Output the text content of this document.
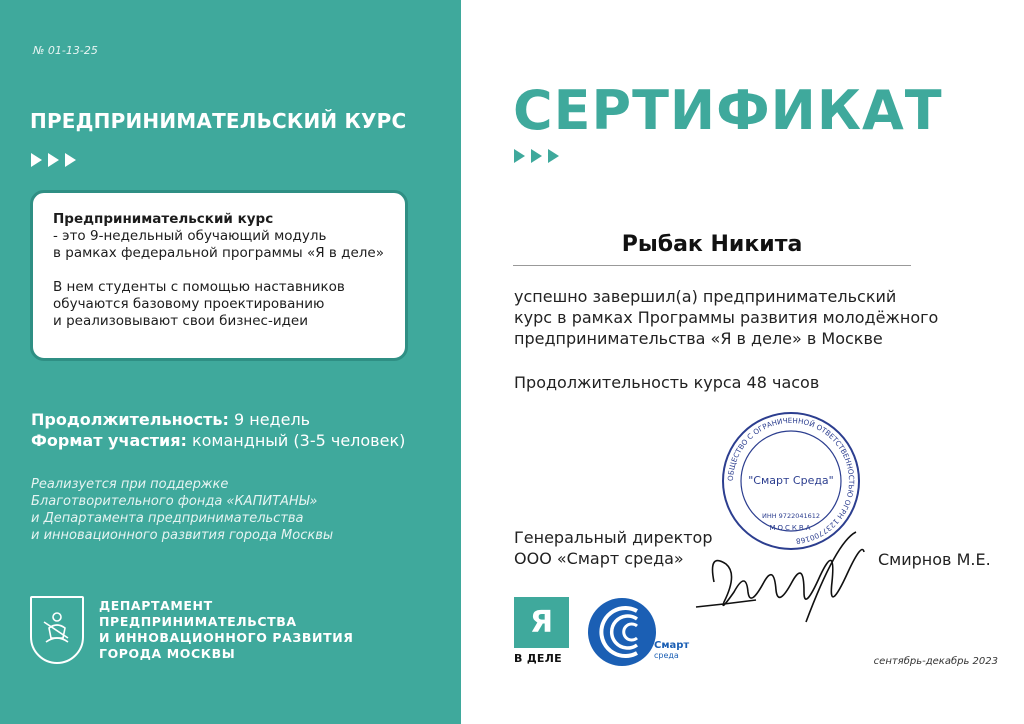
№ 01-13-25
ПРЕДПРИНИМАТЕЛЬСКИЙ КУРС

Предпринимательский курс
- это 9-недельный обучающий модуль
в рамках федеральной программы «Я в деле»

В нем студенты с помощью наставников
обучаются базовому проектированию
и реализовывают свои бизнес-идеи

Продолжительность: 9 недель
Формат участия: командный (3-5 человек)
Реализуется при поддержке
Благотворительного фонда «КАПИТАНЫ»
и Департамента предпринимательства
и инновационного развития города Москвы
ДЕПАРТАМЕНТ
ПРЕДПРИНИМАТЕЛЬСТВА
И ИННОВАЦИОННОГО РАЗВИТИЯ
ГОРОДА МОСКВЫ
СЕРТИФИКАТ
Рыбак Никита
успешно завершил(а) предпринимательский
курс в рамках Программы развития молодёжного
предпринимательства «Я в деле» в Москве
Продолжительность курса 48 часов
ОБЩЕСТВО С ОГРАНИЧЕННОЙ ОТВЕТСТВЕННОСТЬЮ ОГРН 1237700168
"Смарт Среда"
ИНН 9722041612
МОСКВА
Генеральный директор
ООО «Смарт среда»	Смирнов М.Е.
Я
В ДЕЛЕ
Смарт
среда
сентябрь-декабрь 2023
